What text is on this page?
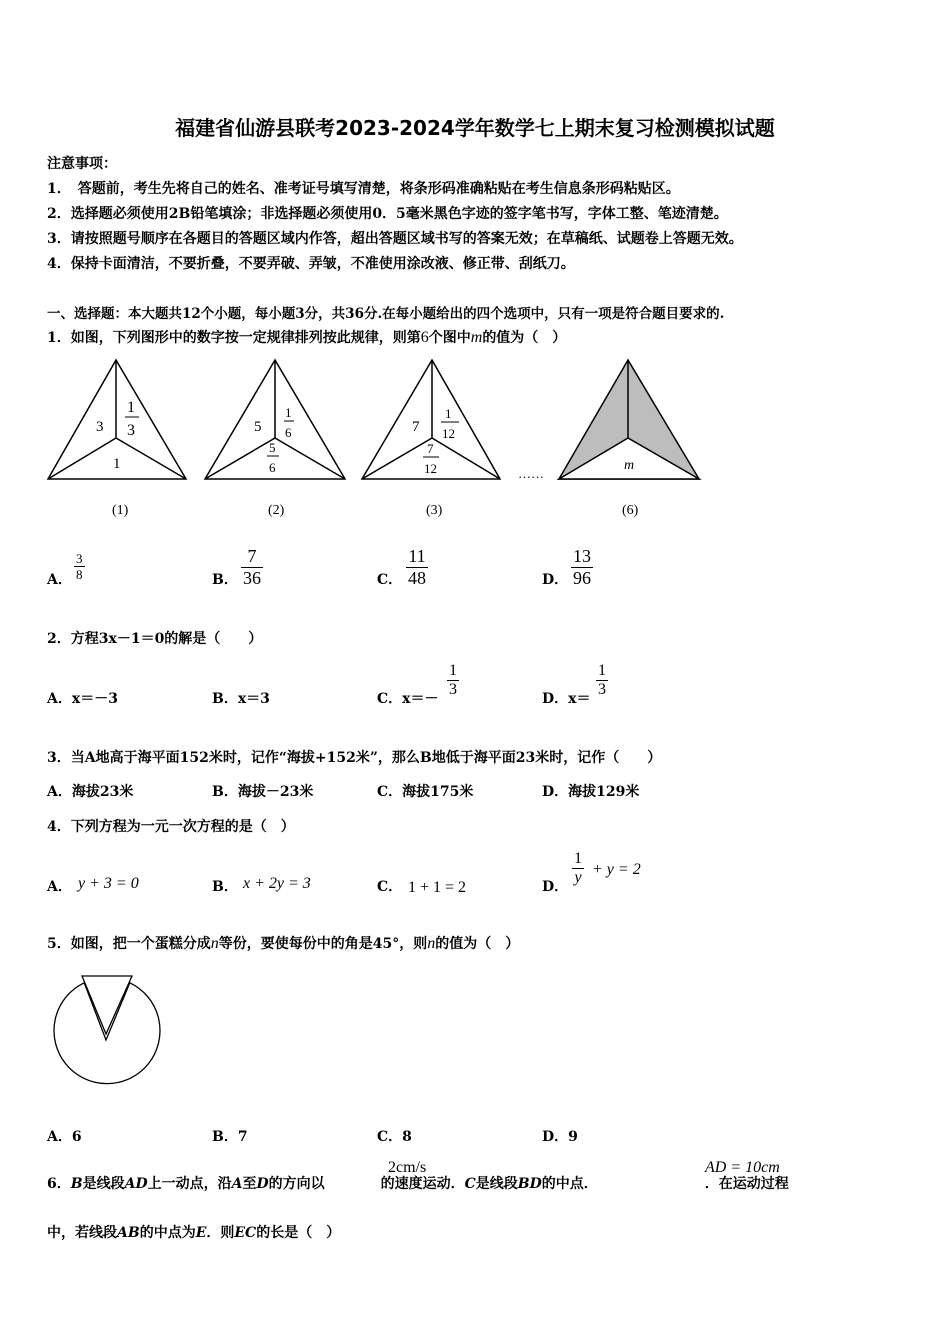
福建省仙游县联考2023-2024学年数学七上期末复习检测模拟试题
注意事项：
1．　答题前，考生先将自己的姓名、准考证号填写清楚，将条形码准确粘贴在考生信息条形码粘贴区。
2．选择题必须使用2B铅笔填涂；非选择题必须使用0．5毫米黑色字迹的签字笔书写，字体工整、笔迹清楚。
3．请按照题号顺序在各题目的答题区域内作答，超出答题区域书写的答案无效；在草稿纸、试题卷上答题无效。
4．保持卡面清洁，不要折叠，不要弄破、弄皱，不准使用涂改液、修正带、刮纸刀。
一、选择题：本大题共12个小题，每小题3分，共36分.在每小题给出的四个选项中，只有一项是符合题目要求的.
1．如图，下列图形中的数字按一定规律排列按此规律，则第6个图中m的值为（　）
3
1
3
1
(1)
5
1
6
5
6
(2)
7
1
12
7
12
(3)
……
m
(6)
A．
3
8	B．
7
36	C．
11
48	D．
13
96
2．方程3x－1＝0的解是（　　）
A．x＝－3	B．x＝3	C．x＝－
1
3
D．x＝
1
3
3．当A地高于海平面152米时，记作“海拔+152米”，那么B地低于海平面23米时，记作（　　）
A．海拔23米	B．海拔－23米	C．海拔175米	D．海拔129米
4．下列方程为一元一次方程的是（　）
A． y + 3 = 0	B． x + 2y = 3	C． 1 + 1 = 2	D．
1
y + y = 2
5．如图，把一个蛋糕分成n等份，要使每份中的角是45°，则n的值为（　）
A．6	B．7	C．8	D．9
6．B是线段AD上一动点，沿A至D的方向以	的速度运动．C是线段BD的中点．	．在运动过程
2cm/s	AD = 10cm
中，若线段AB的中点为E．则EC的长是（　）
